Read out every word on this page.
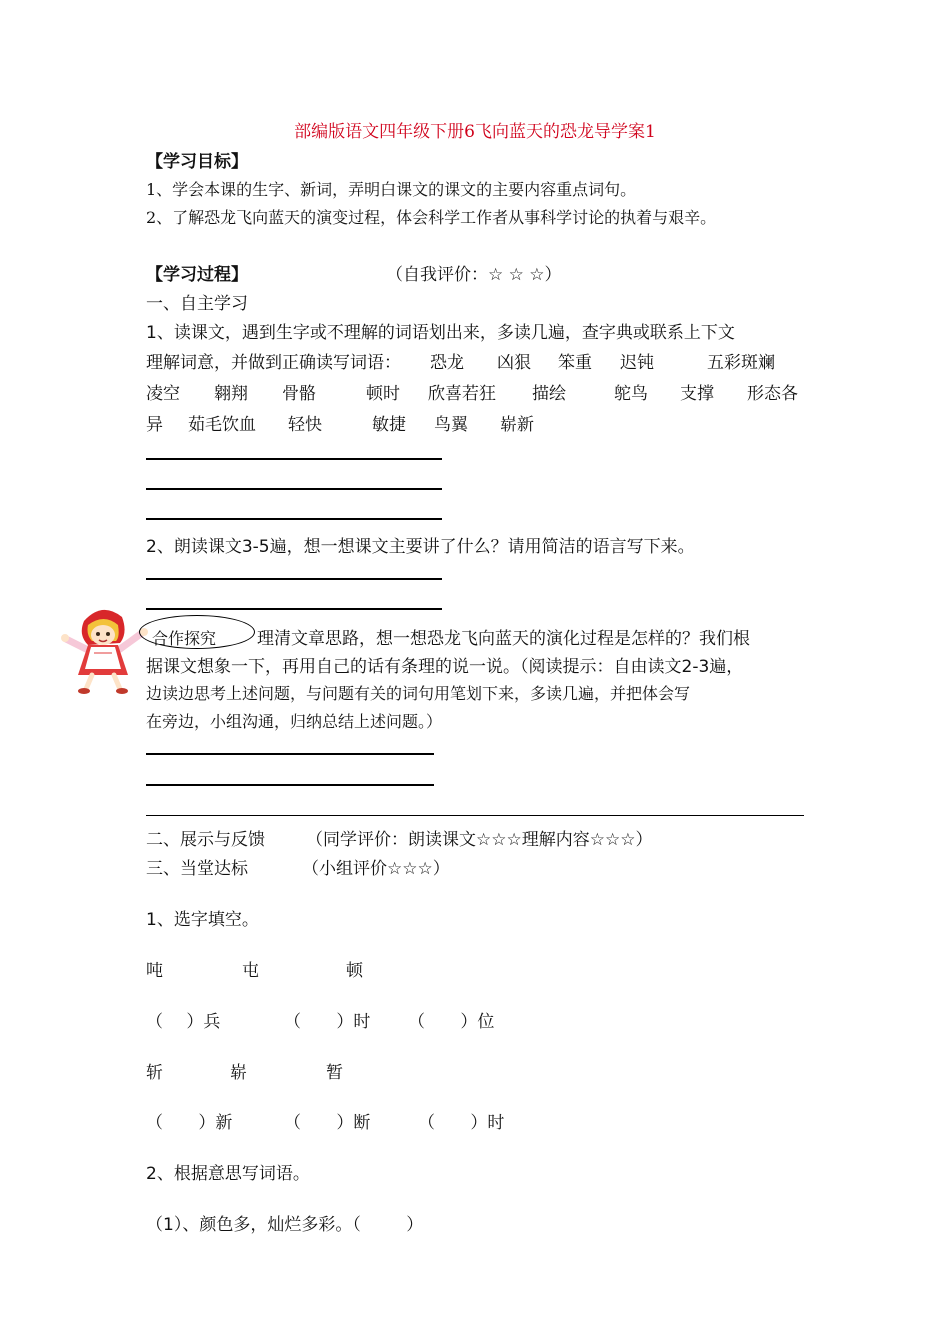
部编版语文四年级下册6飞向蓝天的恐龙导学案1
【学习目标】
1、学会本课的生字、新词，弄明白课文的课文的主要内容重点词句。
2、了解恐龙飞向蓝天的演变过程，体会科学工作者从事科学讨论的执着与艰辛。
【学习过程】	（自我评价：☆ ☆ ☆）
一、自主学习
1、读课文，遇到生字或不理解的词语划出来，多读几遍，查字典或联系上下文
理解词意，并做到正确读写词语： 恐龙 凶狠 笨重 迟钝	五彩斑斓
凌空 翱翔 骨骼	顿时 欣喜若狂 描绘	鸵鸟 支撑 形态各
异 茹毛饮血 轻快	敏捷 鸟翼 崭新
2、朗读课文3-5遍，想一想课文主要讲了什么？请用简洁的语言写下来。
合作探究 理清文章思路，想一想恐龙飞向蓝天的演化过程是怎样的？我们根
据课文想象一下，再用自己的话有条理的说一说。（阅读提示：自由读文2-3遍，
边读边思考上述问题，与问题有关的词句用笔划下来，多读几遍，并把体会写
在旁边，小组沟通，归纳总结上述问题。）
二、展示与反馈 （同学评价：朗读课文☆☆☆理解内容☆☆☆）
三、当堂达标	（小组评价☆☆☆）
1、选字填空。
吨	屯	顿
（ ）兵	（ ）时 （ ）位
斩	崭	暂
（ ）新	（ ）断	（ ）时
2、根据意思写词语。
（1）、颜色多，灿烂多彩。（ ）
